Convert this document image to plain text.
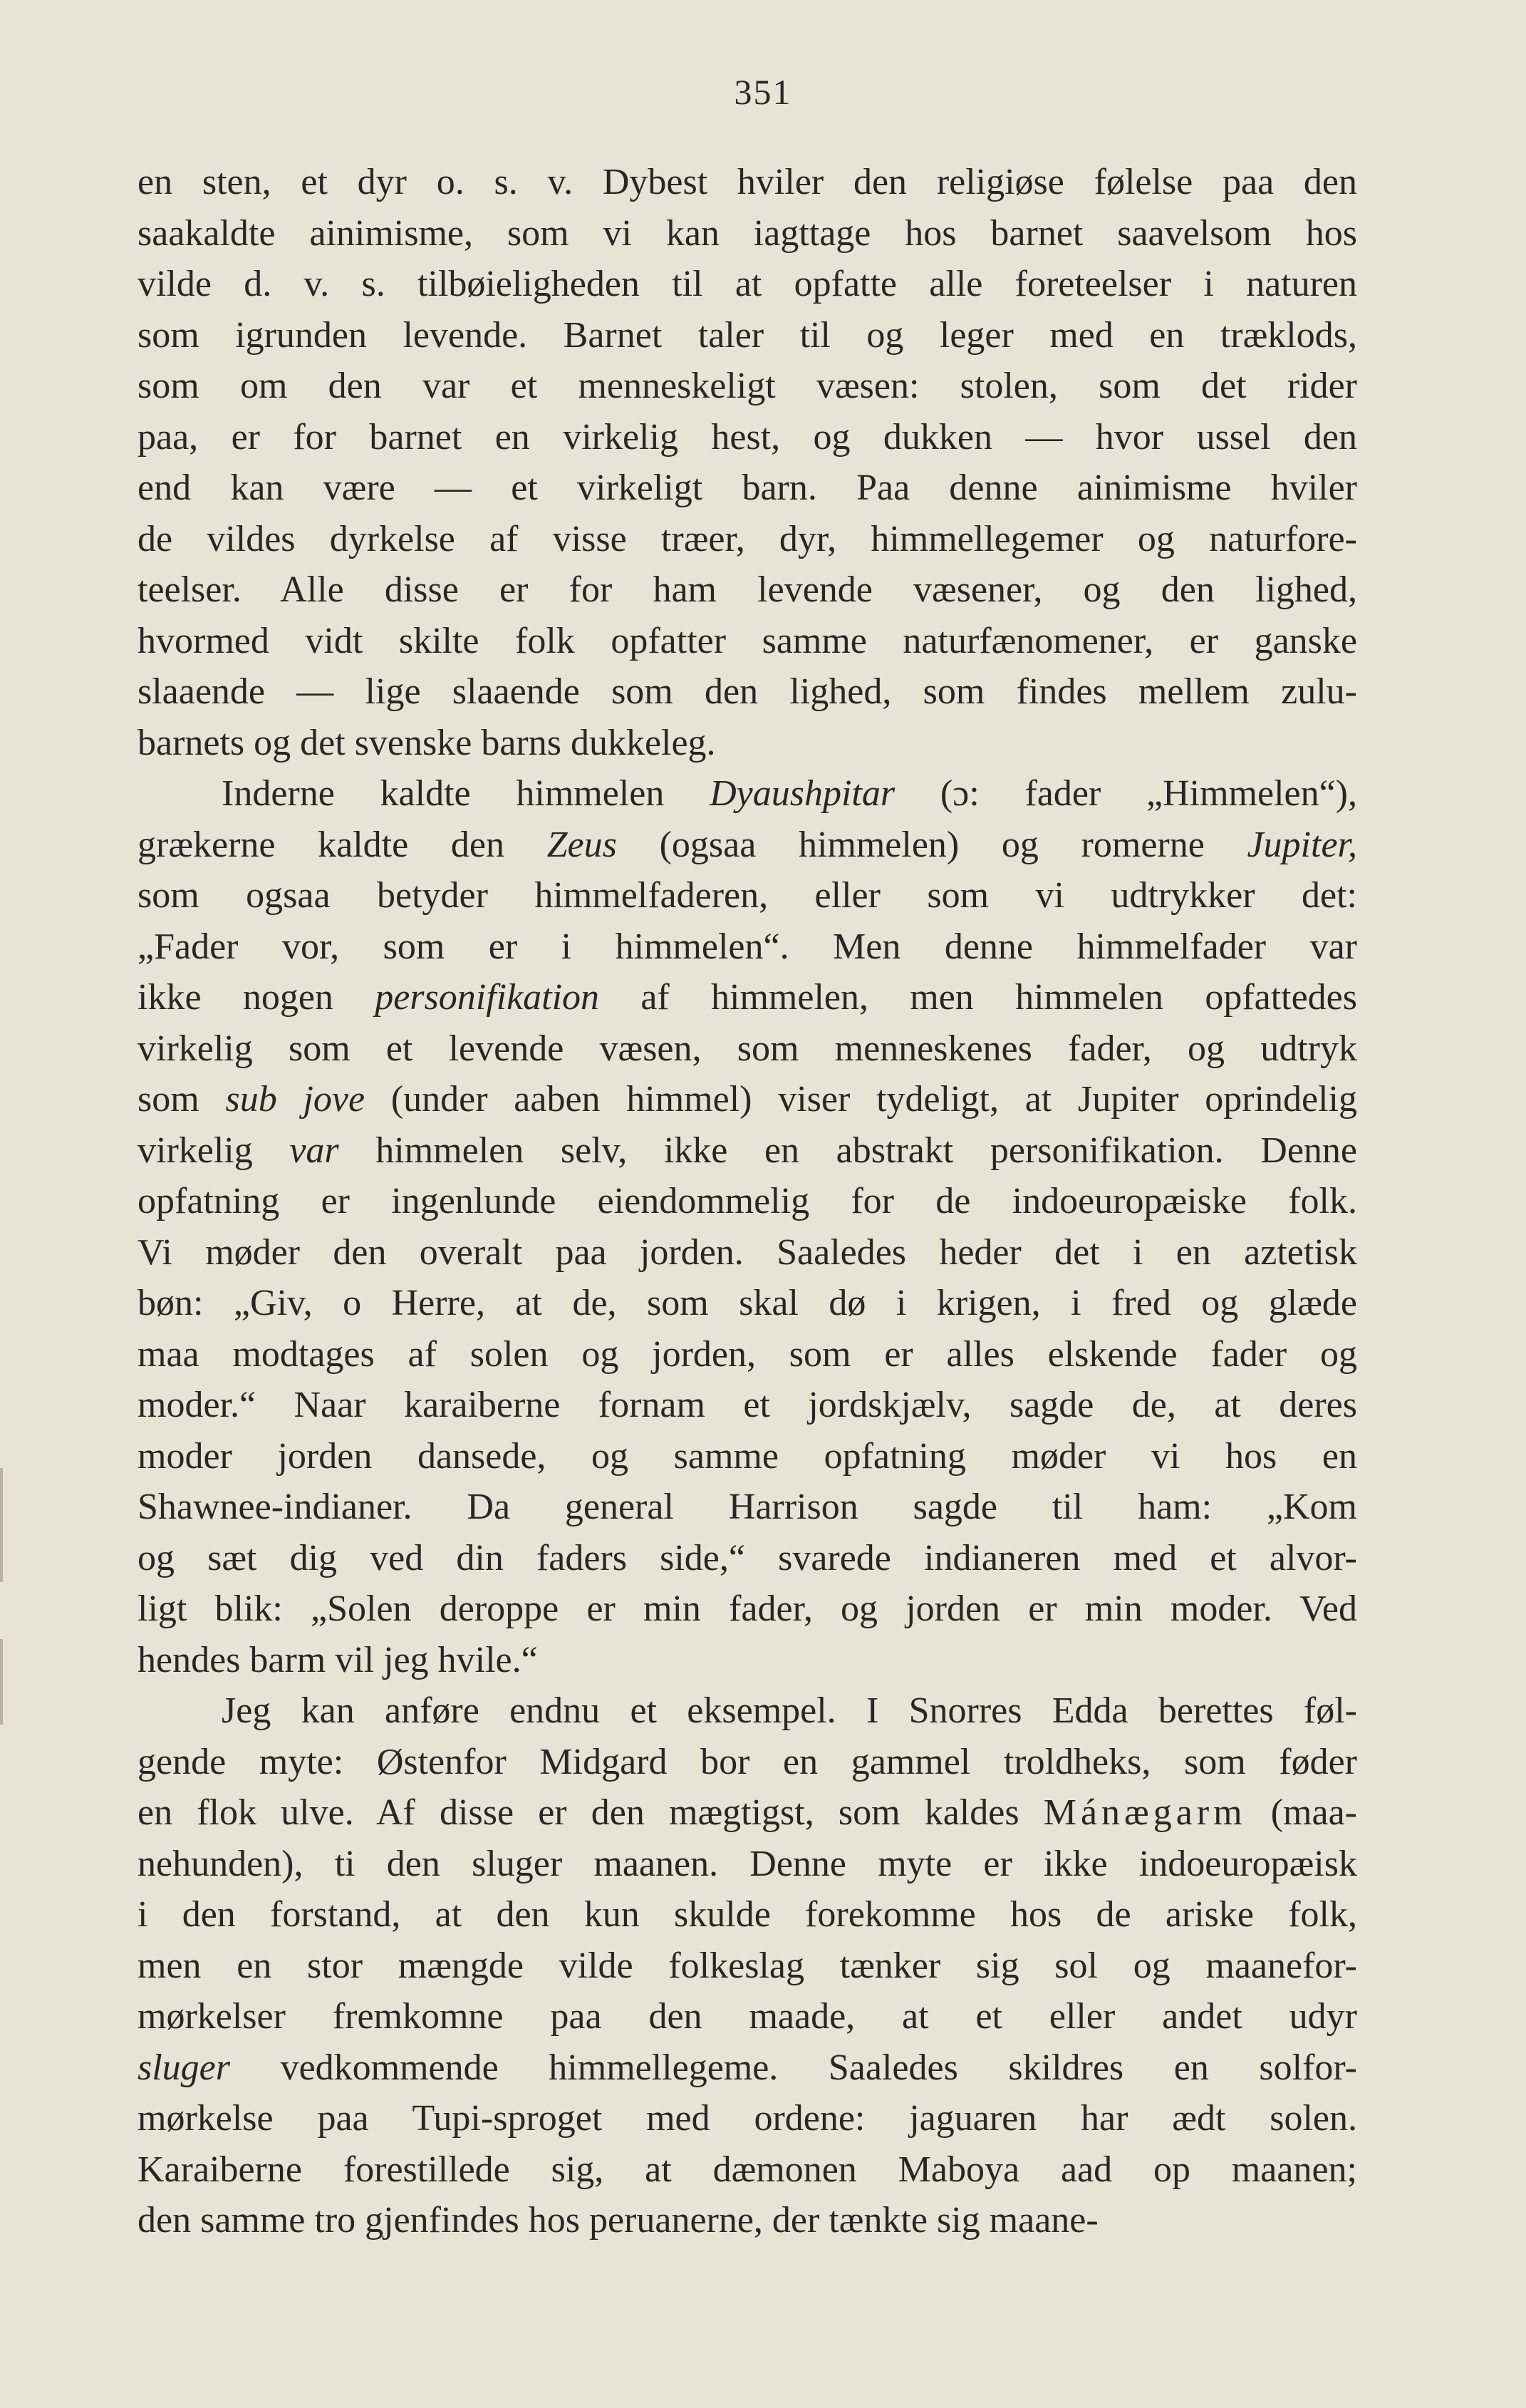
351
en sten, et dyr o. s. v. Dybest hviler den religiøse følelse paa den
saakaldte ainimisme, som vi kan iagttage hos barnet saavelsom hos
vilde d. v. s. tilbøieligheden til at opfatte alle foreteelser i naturen
som igrunden levende. Barnet taler til og leger med en træklods,
som om den var et menneskeligt væsen: stolen, som det rider
paa, er for barnet en virkelig hest, og dukken — hvor ussel den
end kan være — et virkeligt barn. Paa denne ainimisme hviler
de vildes dyrkelse af visse træer, dyr, himmellegemer og naturfore-
teelser. Alle disse er for ham levende væsener, og den lighed,
hvormed vidt skilte folk opfatter samme naturfænomener, er ganske
slaaende — lige slaaende som den lighed, som findes mellem zulu-
barnets og det svenske barns dukkeleg.
Inderne kaldte himmelen Dyaushpitar (ɔ: fader „Himmelen“),
grækerne kaldte den Zeus (ogsaa himmelen) og romerne Jupiter,
som ogsaa betyder himmelfaderen, eller som vi udtrykker det:
„Fader vor, som er i himmelen“. Men denne himmelfader var
ikke nogen personifikation af himmelen, men himmelen opfattedes
virkelig som et levende væsen, som menneskenes fader, og udtryk
som sub jove (under aaben himmel) viser tydeligt, at Jupiter oprindelig
virkelig var himmelen selv, ikke en abstrakt personifikation. Denne
opfatning er ingenlunde eiendommelig for de indoeuropæiske folk.
Vi møder den overalt paa jorden. Saaledes heder det i en aztetisk
bøn: „Giv, o Herre, at de, som skal dø i krigen, i fred og glæde
maa modtages af solen og jorden, som er alles elskende fader og
moder.“ Naar karaiberne fornam et jordskjælv, sagde de, at deres
moder jorden dansede, og samme opfatning møder vi hos en
Shawnee-indianer. Da general Harrison sagde til ham: „Kom
og sæt dig ved din faders side,“ svarede indianeren med et alvor-
ligt blik: „Solen deroppe er min fader, og jorden er min moder. Ved
hendes barm vil jeg hvile.“
Jeg kan anføre endnu et eksempel. I Snorres Edda berettes føl-
gende myte: Østenfor Midgard bor en gammel troldheks, som føder
en flok ulve. Af disse er den mægtigst, som kaldes Mánægarm (maa-
nehunden), ti den sluger maanen. Denne myte er ikke indoeuropæisk
i den forstand, at den kun skulde forekomme hos de ariske folk,
men en stor mængde vilde folkeslag tænker sig sol og maanefor-
mørkelser fremkomne paa den maade, at et eller andet udyr
sluger vedkommende himmellegeme. Saaledes skildres en solfor-
mørkelse paa Tupi-sproget med ordene: jaguaren har ædt solen.
Karaiberne forestillede sig, at dæmonen Maboya aad op maanen;
den samme tro gjenfindes hos peruanerne, der tænkte sig maane-
